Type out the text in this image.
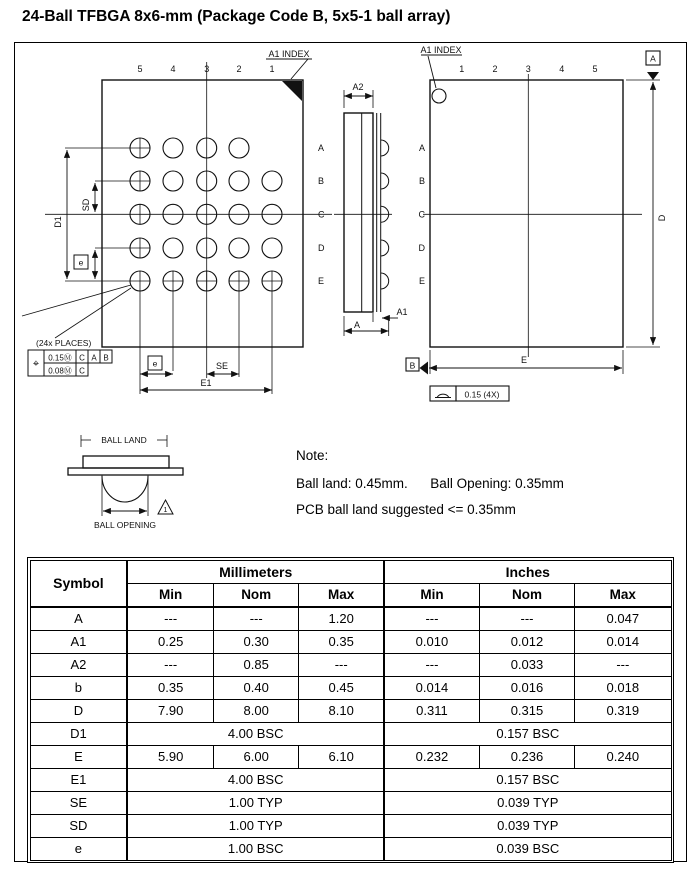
24-Ball TFBGA 8x6-mm (Package Code B, 5x5-1 ball array)
A1 INDEX
5	4	3	2	1
A
B
C
D
E
D1
SD
e
(24x PLACES)
⌖ 0.15Ⓜ C A B
0.08Ⓜ C
e	SE
E1
A2
A1
A
A1 INDEX
1	2	3	4	5
A
B
C
D
E
A
B
D
E
0.15 (4X)
BALL LAND
BALL OPENING
1
Note:
Ball land: 0.45mm.      Ball Opening: 0.35mm
PCB ball land suggested <= 0.35mm
Symbol	Millimeters			Inches		
	Min	Nom	Max	Min	Nom	Max
A	---	---	1.20	---	---	0.047
A1	0.25	0.30	0.35	0.010	0.012	0.014
A2	---	0.85	---	---	0.033	---
b	0.35	0.40	0.45	0.014	0.016	0.018
D	7.90	8.00	8.10	0.311	0.315	0.319
D1	4.00 BSC			0.157 BSC		
E	5.90	6.00	6.10	0.232	0.236	0.240
E1	4.00 BSC			0.157 BSC		
SE	1.00 TYP			0.039 TYP		
SD	1.00 TYP			0.039 TYP		
e	1.00 BSC			0.039 BSC		
